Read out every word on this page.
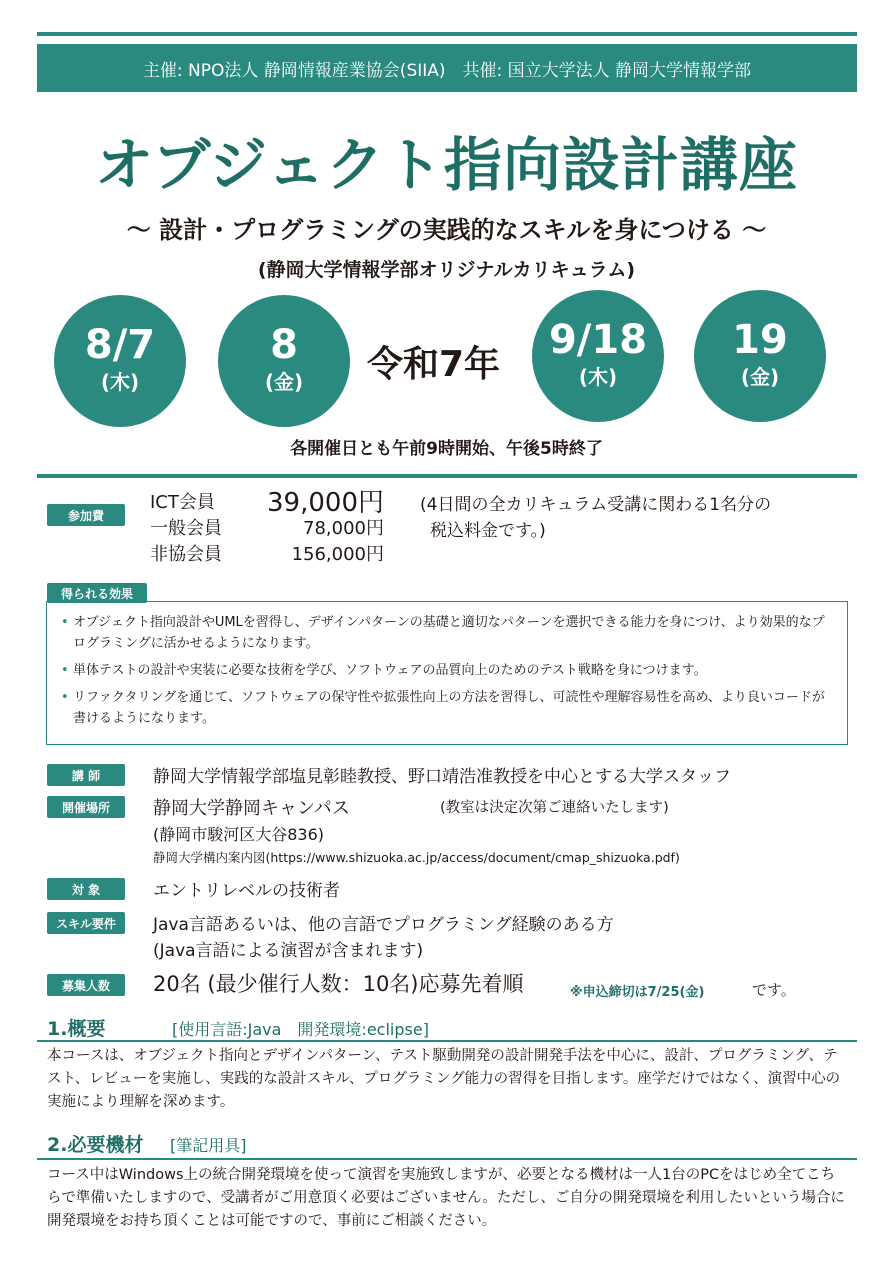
主催: NPO法人 静岡情報産業協会(SIIA)　共催: 国立大学法人 静岡大学情報学部
オブジェクト指向設計講座
〜 設計・プログラミングの実践的なスキルを身につける 〜
(静岡大学情報学部オリジナルカリキュラム)
8/7
(木)
8
(金)	令和7年
9/18
(木)
19
(金)
各開催日とも午前9時開始、午後5時終了
参加費
ICT会員	39,000円
一般会員	78,000円
非協会員	156,000円
(4日間の全カリキュラム受講に関わる1名分の
税込料金です。)
• オブジェクト指向設計やUMLを習得し、デザインパターンの基礎と適切なパターンを選択できる能力を身につけ、より効果的なプログラミングに活かせるようになります。
• 単体テストの設計や実装に必要な技術を学び、ソフトウェアの品質向上のためのテスト戦略を身につけます。
• リファクタリングを通じて、ソフトウェアの保守性や拡張性向上の方法を習得し、可読性や理解容易性を高め、より良いコードが書けるようになります。
得られる効果
講 師	静岡大学情報学部塩見彰睦教授、野口靖浩准教授を中心とする大学スタッフ
開催場所	静岡大学静岡キャンパス	(教室は決定次第ご連絡いたします)
(静岡市駿河区大谷836)
静岡大学構内案内図(https://www.shizuoka.ac.jp/access/document/cmap_shizuoka.pdf)
対 象	エントリレベルの技術者
スキル要件	Java言語あるいは、他の言語でプログラミング経験のある方
(Java言語による演習が含まれます)
募集人数	20名 (最少催行人数：10名)応募先着順	※申込締切は7/25(金)	です。
1.概要	[使用言語:Java　開発環境:eclipse]
本コースは、オブジェクト指向とデザインパターン、テスト駆動開発の設計開発手法を中心に、設計、プログラミング、テスト、レビューを実施し、実践的な設計スキル、プログラミング能力の習得を目指します。座学だけではなく、演習中心の実施により理解を深めます。
2.必要機材 [筆記用具]
コース中はWindows上の統合開発環境を使って演習を実施致しますが、必要となる機材は一人1台のPCをはじめ全てこちらで準備いたしますので、受講者がご用意頂く必要はございません。ただし、ご自分の開発環境を利用したいという場合に開発環境をお持ち頂くことは可能ですので、事前にご相談ください。
